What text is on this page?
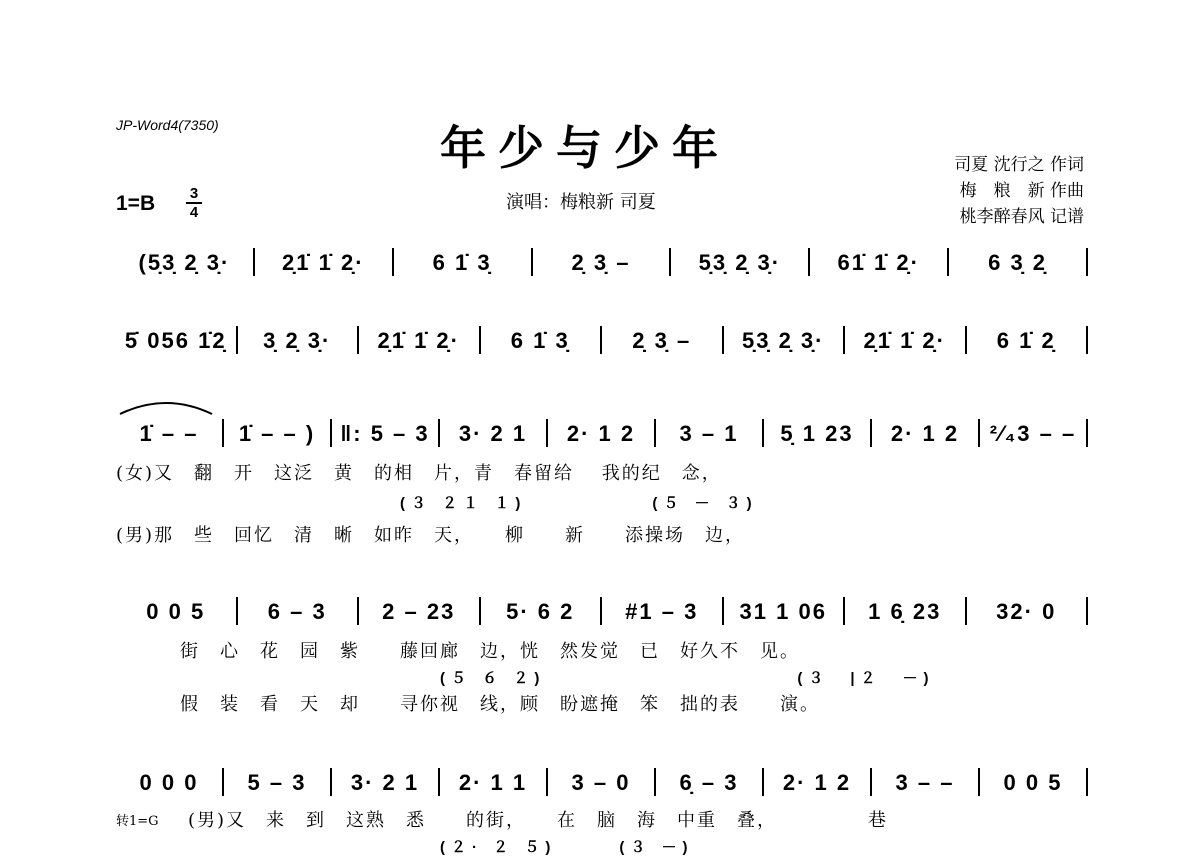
JP-Word4(7350)	年少与少年
1=B 3
4	演唱：梅粮新 司夏
司夏 沈行之 作词
梅　粮　新 作曲
桃李醉春风 记谱
(5̣3̣ 2̣ 3̣·	2̣1̇ 1̇ 2̣·	6 1̇ 3̣	2̣ 3̣ –	5̣3̣ 2̣ 3̣·	61̇ 1̇ 2̣·	6 3̣ 2̣
5̇ 056 1̇2̣	3̣ 2̣ 3̣·	2̣1̇ 1̇ 2̣·	6 1̇ 3̣	2̣ 3̣ –	5̣3̣ 2̣ 3̣·	2̣1̇ 1̇ 2̣·	6 1̇ 2̣
1̇ – –	1̇ – – )	‖: 5 – 3	3· 2 1	2· 1 2	3 – 1	5̣ 1 23	2· 1 2	²⁄₄3 – –
(女)又　翻　开　这泛　黄　的相　片，青　春留给　 我的纪　念，
(３ ２１ １)　　　　　　(５ － ３)
(男)那　些　回忆　清　晰　如昨　天，　　柳　　新　　添操场　边，
0 0 5	6 – 3	2 – 23	5· 6 2	#1 – 3	31 1 06	1 6̣ 23	32· 0
街　心　花　园　紫　　藤回廊　边，恍　然发觉　已　好久不　见。
(５ ６ ２)　　　　　　　　　　　　(３　|２　－)
假　装　看　天　却　　寻你视　线，顾　盼遮掩　笨　拙的表　　演。
0 0 0	5 – 3	3· 2 1	2· 1 1	3 – 0	6̣ – 3	2· 1 2	3 – –	0 0 5
转1=G (男)又　来　到　这熟　悉　　的街，　　在　脑　海　中重　叠，　　　　　巷
(２· ２ ５)　　　(３ －)
